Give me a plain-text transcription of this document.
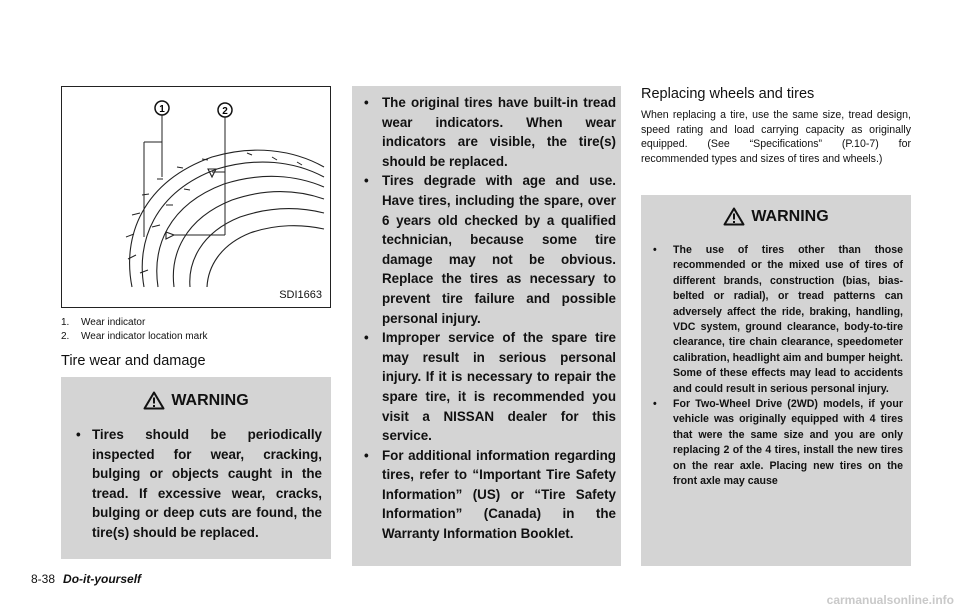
1	2
SDI1663
1.	Wear indicator
2.	Wear indicator location mark
Tire wear and damage
WARNING
• Tires should be periodically inspected for wear, cracking, bulging or objects caught in the tread. If excessive wear, cracks, bulging or deep cuts are found, the tire(s) should be replaced.
• The original tires have built-in tread wear indicators. When wear indicators are visible, the tire(s) should be replaced.
• Tires degrade with age and use. Have tires, including the spare, over 6 years old checked by a qualified technician, because some tire damage may not be obvious. Replace the tires as necessary to prevent tire failure and possible personal injury.
• Improper service of the spare tire may result in serious personal injury. If it is necessary to repair the spare tire, it is recommended you visit a NISSAN dealer for this service.
• For additional information regarding tires, refer to “Important Tire Safety Information” (US) or “Tire Safety Information” (Canada) in the Warranty Information Booklet.
Replacing wheels and tires
When replacing a tire, use the same size, tread design, speed rating and load carrying capacity as originally equipped. (See “Specifications” (P.10-7) for recommended types and sizes of tires and wheels.)
WARNING
• The use of tires other than those recommended or the mixed use of tires of different brands, construction (bias, bias-belted or radial), or tread patterns can adversely affect the ride, braking, handling, VDC system, ground clearance, body-to-tire clearance, tire chain clearance, speedometer calibration, headlight aim and bumper height. Some of these effects may lead to accidents and could result in serious personal injury.
• For Two-Wheel Drive (2WD) models, if your vehicle was originally equipped with 4 tires that were the same size and you are only replacing 2 of the 4 tires, install the new tires on the rear axle. Placing new tires on the front axle may cause
8-38 Do-it-yourself
carmanualsonline.info
